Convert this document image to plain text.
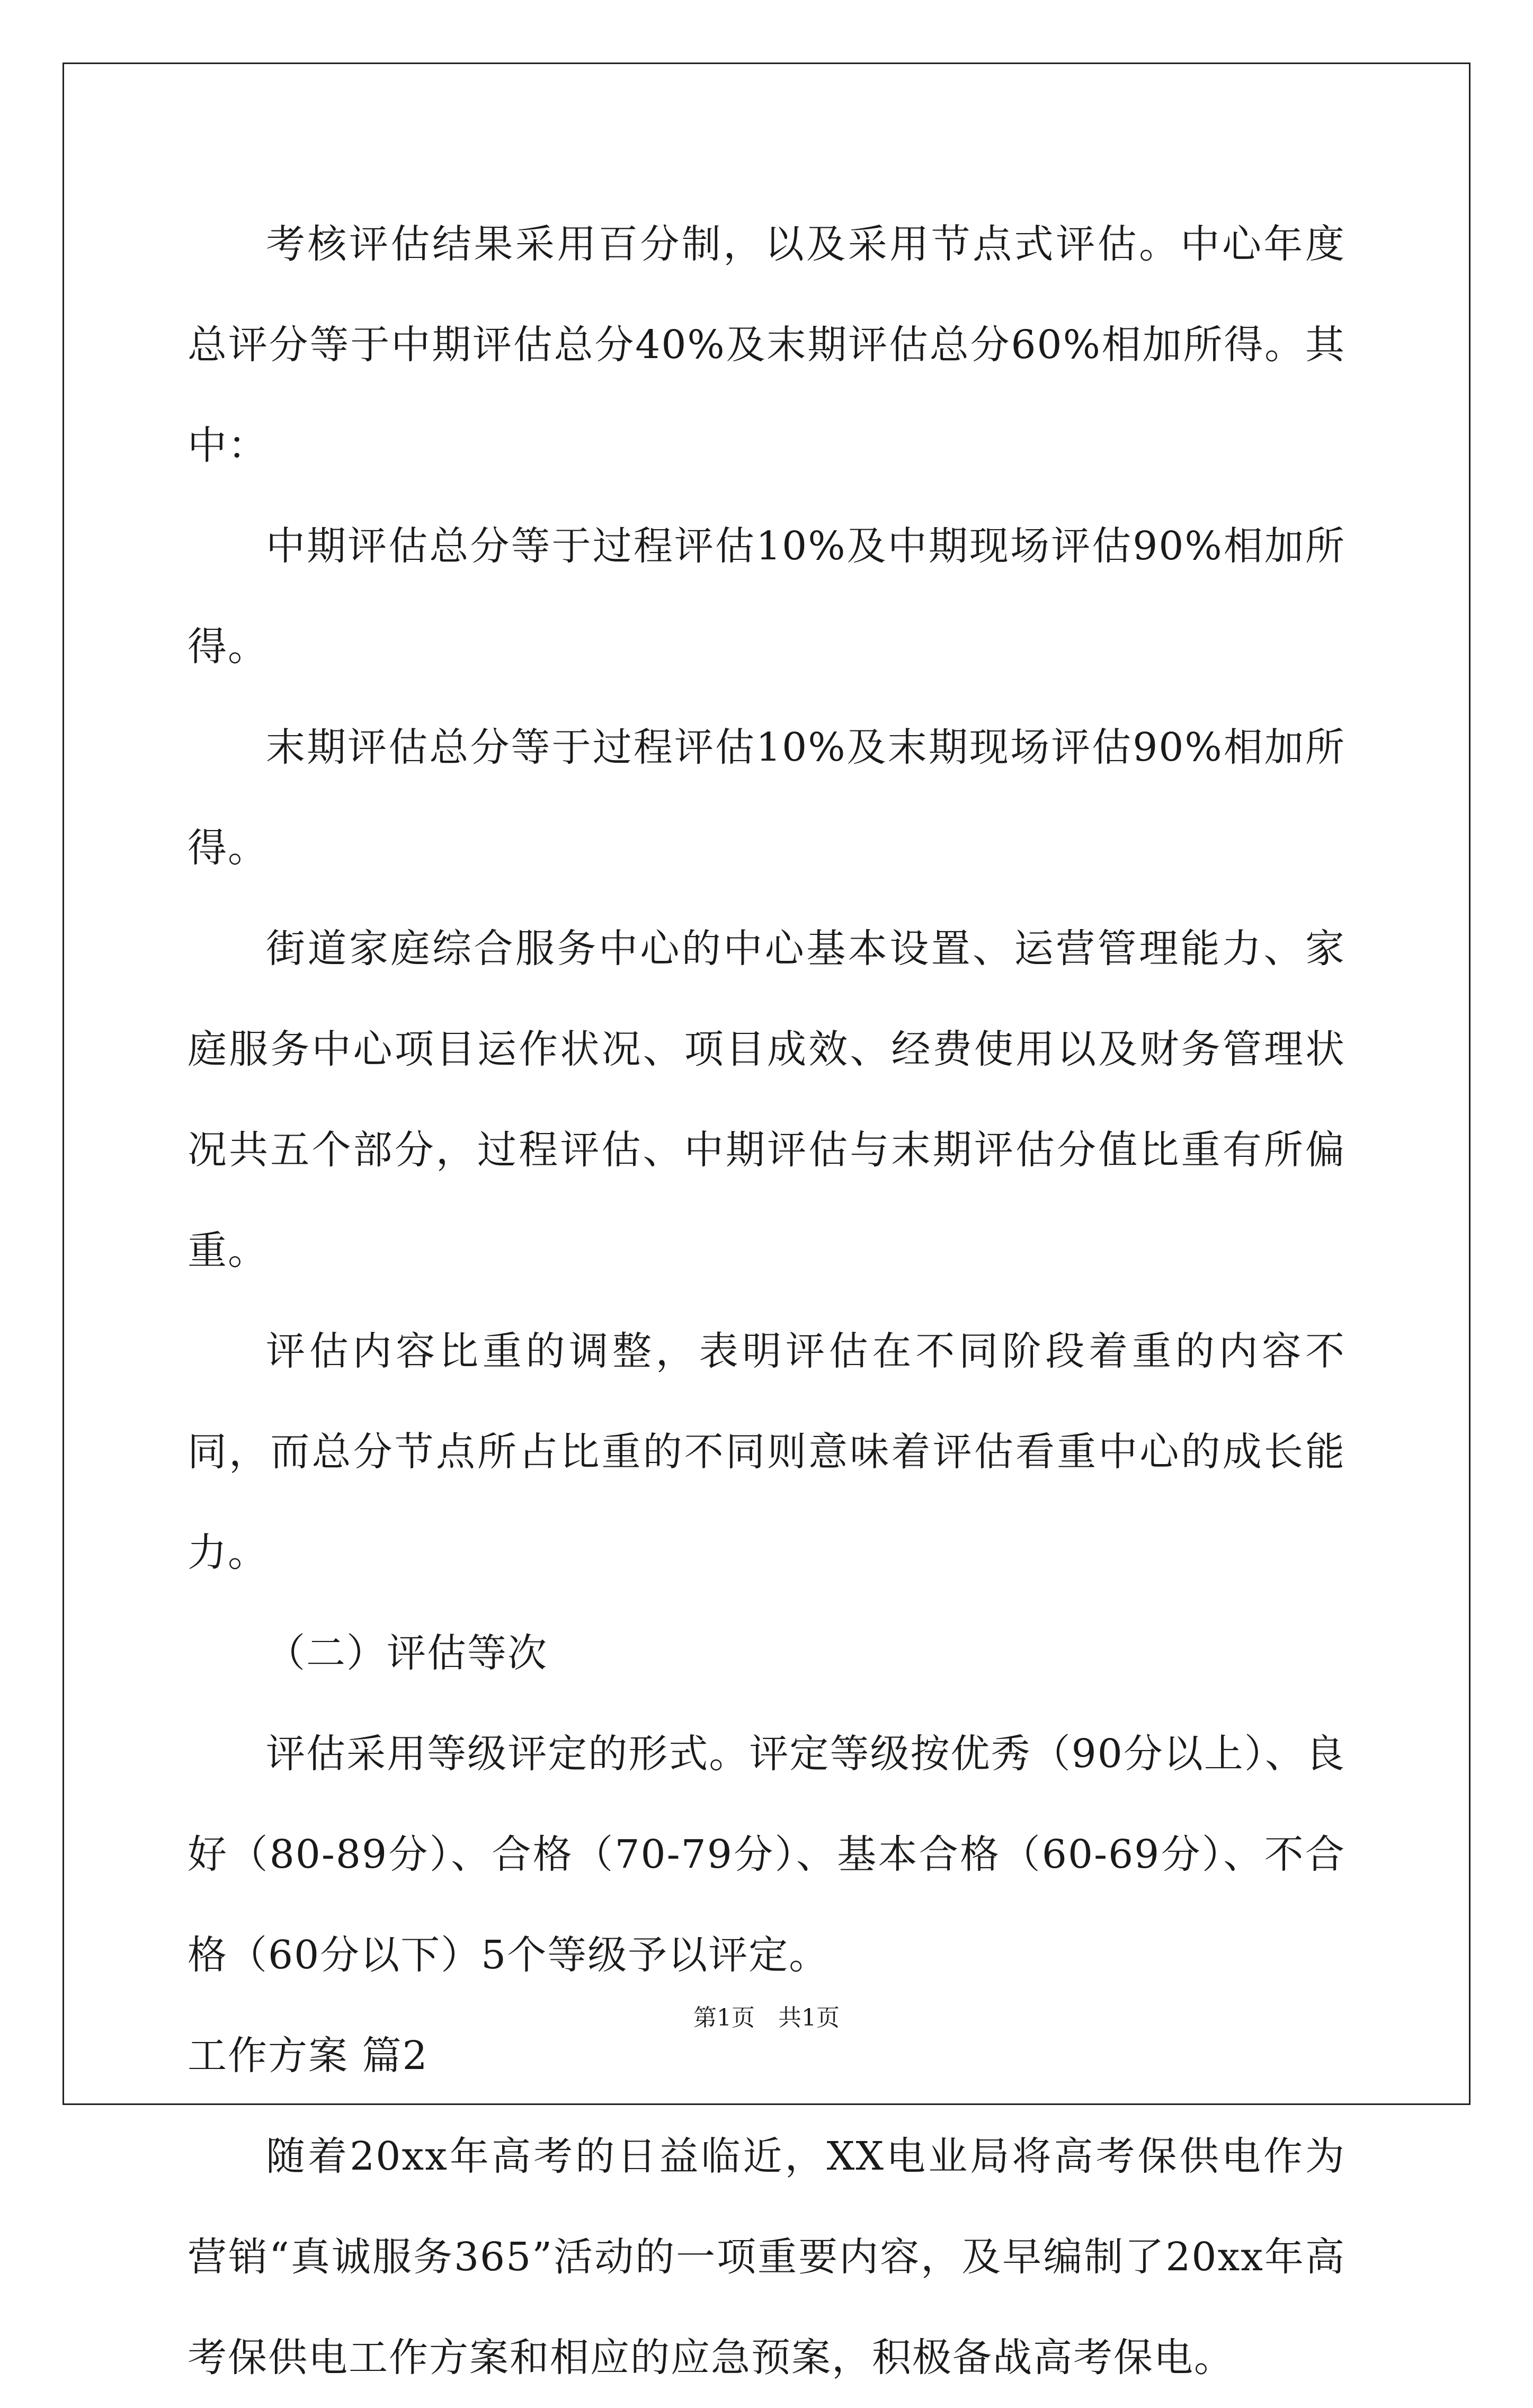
考核评估结果采用百分制，以及采用节点式评估。中心年度总评分等于中期评估总分40%及末期评估总分60%相加所得。其中：

中期评估总分等于过程评估10%及中期现场评估90%相加所得。

末期评估总分等于过程评估10%及末期现场评估90%相加所得。

街道家庭综合服务中心的中心基本设置、运营管理能力、家庭服务中心项目运作状况、项目成效、经费使用以及财务管理状况共五个部分，过程评估、中期评估与末期评估分值比重有所偏重。

评估内容比重的调整，表明评估在不同阶段着重的内容不同，而总分节点所占比重的不同则意味着评估看重中心的成长能力。

（二）评估等次

评估采用等级评定的形式。评定等级按优秀（90分以上）、良好（80-89分）、合格（70-79分）、基本合格（60-69分）、不合格（60分以下）5个等级予以评定。

工作方案 篇2

随着20xx年高考的日益临近，XX电业局将高考保供电作为营销“真诚服务365”活动的一项重要内容，及早编制了20xx年高考保供电工作方案和相应的应急预案，积极备战高考保电。

第1页　共1页
